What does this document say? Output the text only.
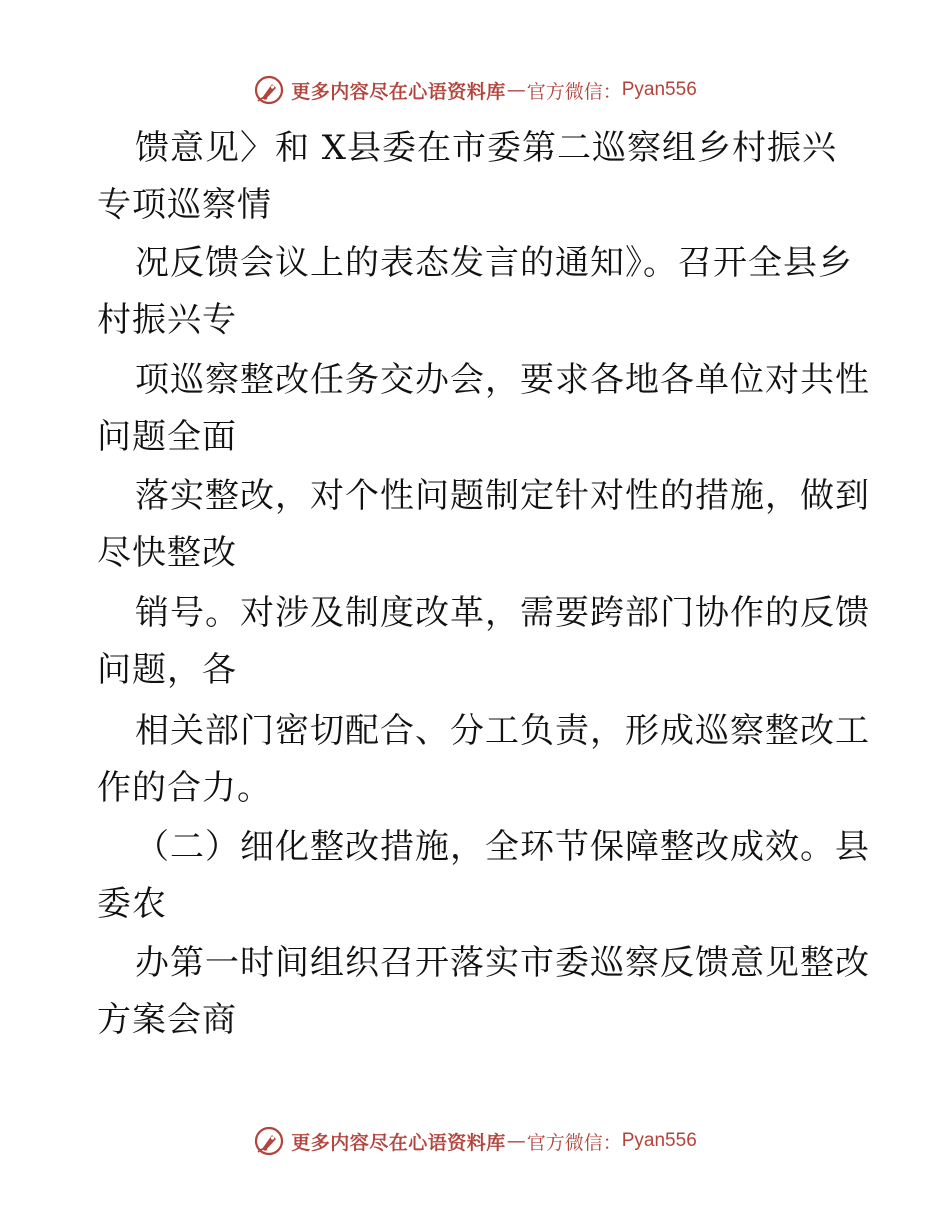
更多内容尽在心语资料库 — 官方微信： Pyan556
馈意见〉和 X县委在市委第二巡察组乡村振兴
专项巡察情
况反馈会议上的表态发言的通知》。召开全县乡
村振兴专
项巡察整改任务交办会，要求各地各单位对共性
问题全面
落实整改，对个性问题制定针对性的措施，做到
尽快整改
销号。对涉及制度改革，需要跨部门协作的反馈
问题，各
相关部门密切配合、分工负责，形成巡察整改工
作的合力。
（二）细化整改措施，全环节保障整改成效。县
委农
办第一时间组织召开落实市委巡察反馈意见整改
方案会商
更多内容尽在心语资料库 — 官方微信： Pyan556
